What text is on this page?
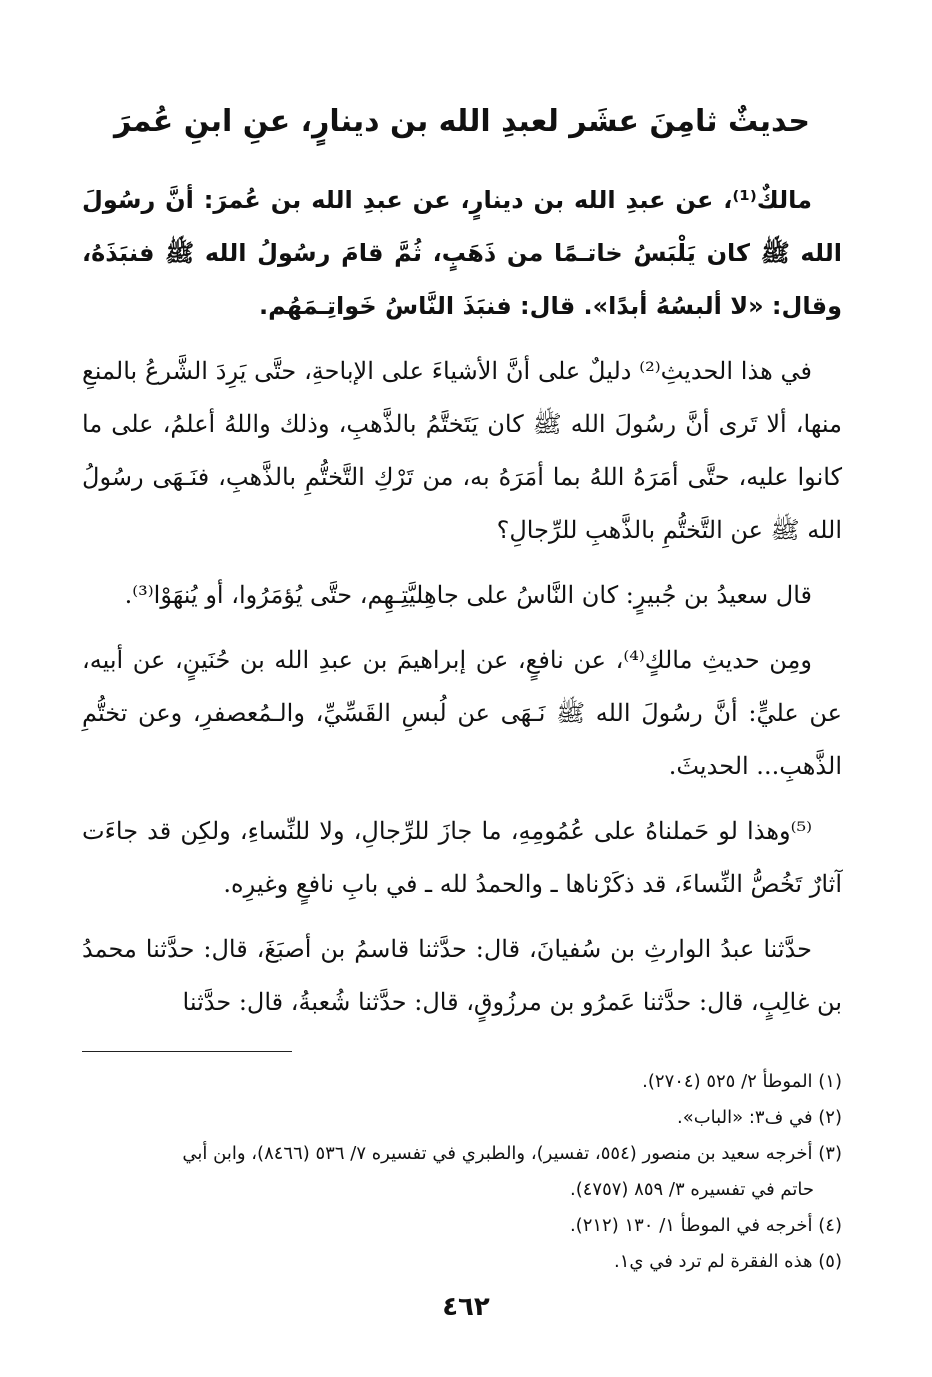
حديثٌ ثامِنَ عشَر لعبدِ الله بن دينارٍ، عنِ ابنِ عُمرَ

مالكٌ⁽¹⁾، عن عبدِ الله بن دينارٍ، عن عبدِ الله بن عُمرَ: أنَّ رسُولَ الله ﷺ كان يَلْبَسُ خاتـمًا من ذَهَبٍ، ثُمَّ قامَ رسُولُ الله ﷺ فنبَذَهُ، وقال: «لا ألبسُهُ أبدًا». قال: فنبَذَ النَّاسُ خَواتِـمَهُم.

في هذا الحديثِ⁽²⁾ دليلٌ على أنَّ الأشياءَ على الإباحةِ، حتَّى يَرِدَ الشَّرعُ بالمنعِ منها، ألا تَرى أنَّ رسُولَ الله ﷺ كان يَتَختَّمُ بالذَّهبِ، وذلك واللهُ أعلمُ، على ما كانوا عليه، حتَّى أمَرَهُ اللهُ بما أمَرَهُ به، من تَرْكِ التَّختُّمِ بالذَّهبِ، فنَـهَى رسُولُ الله ﷺ عن التَّختُّمِ بالذَّهبِ للرِّجالِ؟

قال سعيدُ بن جُبيرٍ: كان النَّاسُ على جاهِليَّتِـهِم، حتَّى يُؤمَرُوا، أو يُنهَوْا⁽³⁾.

ومِن حديثِ مالكٍ⁽⁴⁾، عن نافعٍ، عن إبراهيمَ بن عبدِ الله بن حُنَينٍ، عن أبيه، عن عليٍّ: أنَّ رسُولَ الله ﷺ نَـهَى عن لُبسِ القَسِّيِّ، والـمُعصفرِ، وعن تختُّمِ الذَّهبِ... الحديثَ.

⁽⁵⁾وهذا لو حَملناهُ على عُمُومِهِ، ما جازَ للرِّجالِ، ولا للنِّساءِ، ولكِن قد جاءَت آثارٌ تَخُصُّ النِّساءَ، قد ذكَرْناها ـ والحمدُ لله ـ في بابِ نافعٍ وغيرِه.

حدَّثنا عبدُ الوارثِ بن سُفيانَ، قال: حدَّثنا قاسمُ بن أصبَغَ، قال: حدَّثنا محمدُ بن غالِبٍ، قال: حدَّثنا عَمرُو بن مرزُوقٍ، قال: حدَّثنا شُعبةُ، قال: حدَّثنا

(١) الموطأ ٢/ ٥٢٥ (٢٧٠٤).

(٢) في ف٣: «الباب».

(٣) أخرجه سعيد بن منصور (٥٥٤، تفسير)، والطبري في تفسيره ٧/ ٥٣٦ (٨٤٦٦)، وابن أبي
حاتم في تفسيره ٣/ ٨٥٩ (٤٧٥٧).

(٤) أخرجه في الموطأ ١/ ١٣٠ (٢١٢).

(٥) هذه الفقرة لم ترد في ي١.

٤٦٢
